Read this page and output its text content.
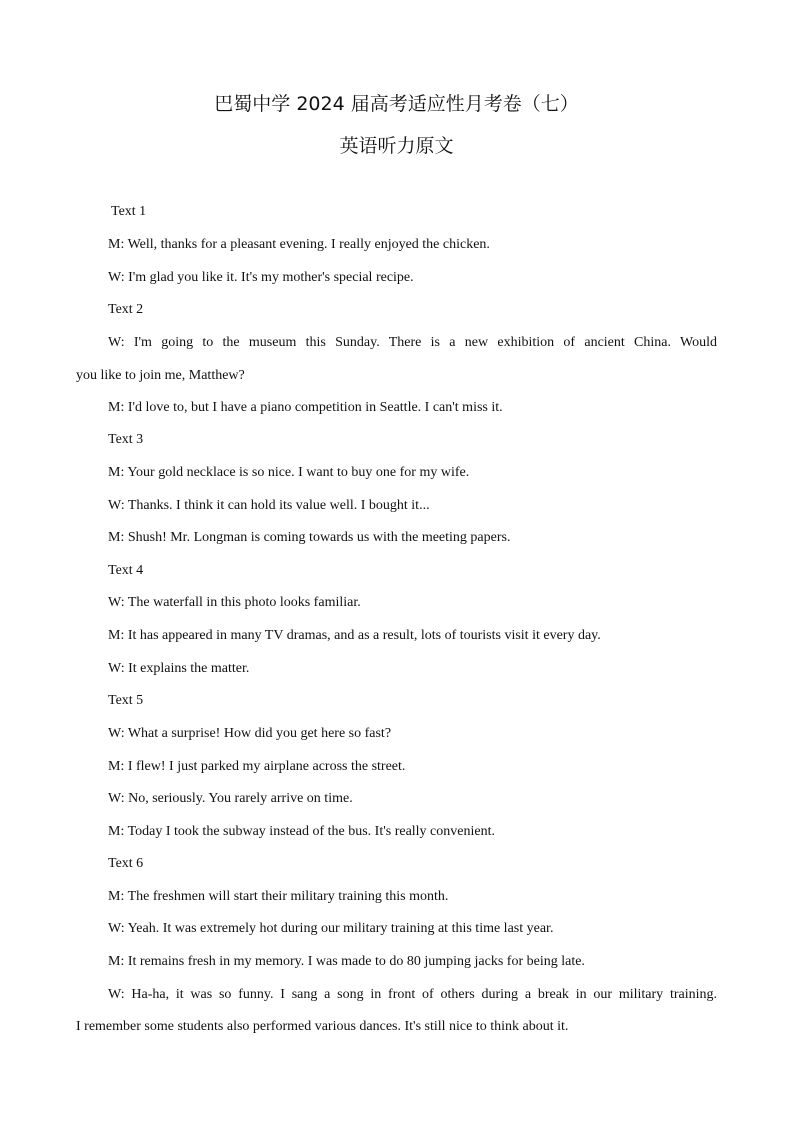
巴蜀中学 2024 届高考适应性月考卷（七）
英语听力原文
Text 1
M: Well, thanks for a pleasant evening. I really enjoyed the chicken.
W: I'm glad you like it. It's my mother's special recipe.
Text 2
W: I'm going to the museum this Sunday. There is a new exhibition of ancient China. Would
you like to join me, Matthew?
M: I'd love to, but I have a piano competition in Seattle. I can't miss it.
Text 3
M: Your gold necklace is so nice. I want to buy one for my wife.
W: Thanks. I think it can hold its value well. I bought it...
M: Shush! Mr. Longman is coming towards us with the meeting papers.
Text 4
W: The waterfall in this photo looks familiar.
M: It has appeared in many TV dramas, and as a result, lots of tourists visit it every day.
W: It explains the matter.
Text 5
W: What a surprise! How did you get here so fast?
M: I flew! I just parked my airplane across the street.
W: No, seriously. You rarely arrive on time.
M: Today I took the subway instead of the bus. It's really convenient.
Text 6
M: The freshmen will start their military training this month.
W: Yeah. It was extremely hot during our military training at this time last year.
M: It remains fresh in my memory. I was made to do 80 jumping jacks for being late.
W: Ha-ha, it was so funny. I sang a song in front of others during a break in our military training.
I remember some students also performed various dances. It's still nice to think about it.
